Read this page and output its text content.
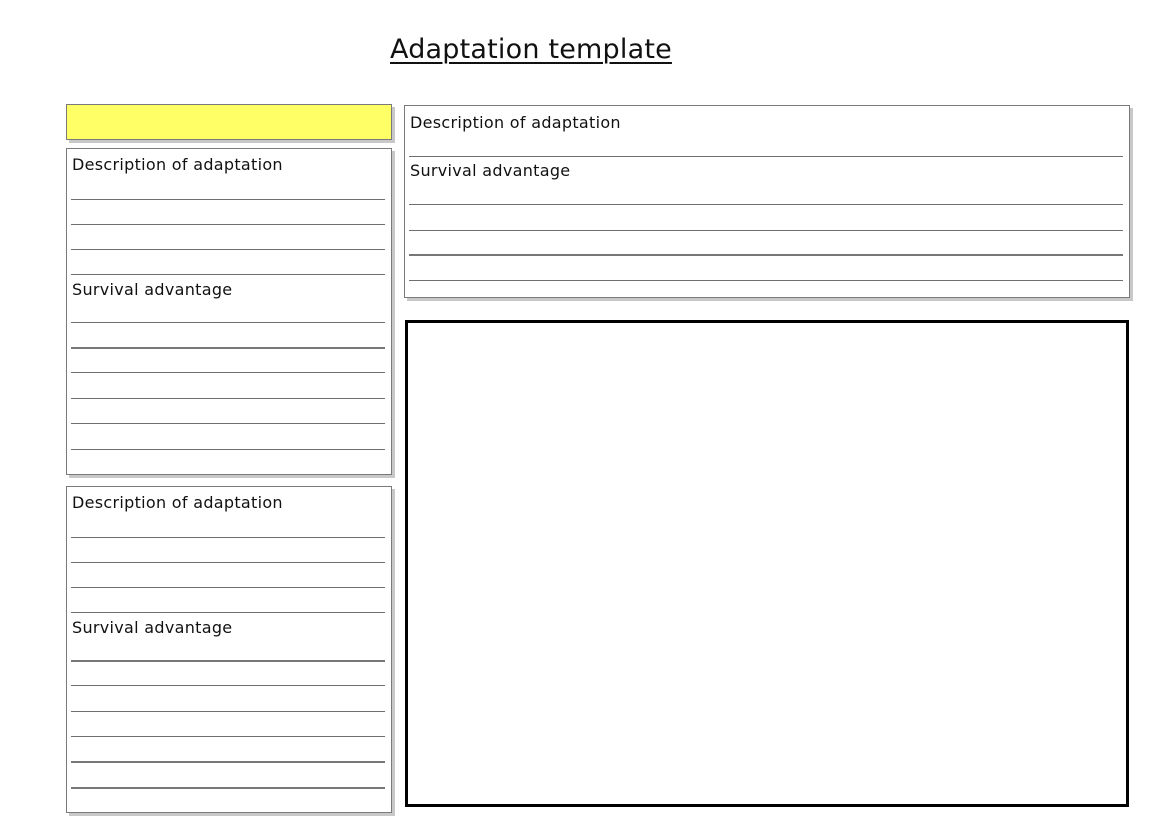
Adaptation template
Description of adaptation
Survival advantage
Description of adaptation
Survival advantage
Description of adaptation
Survival advantage
